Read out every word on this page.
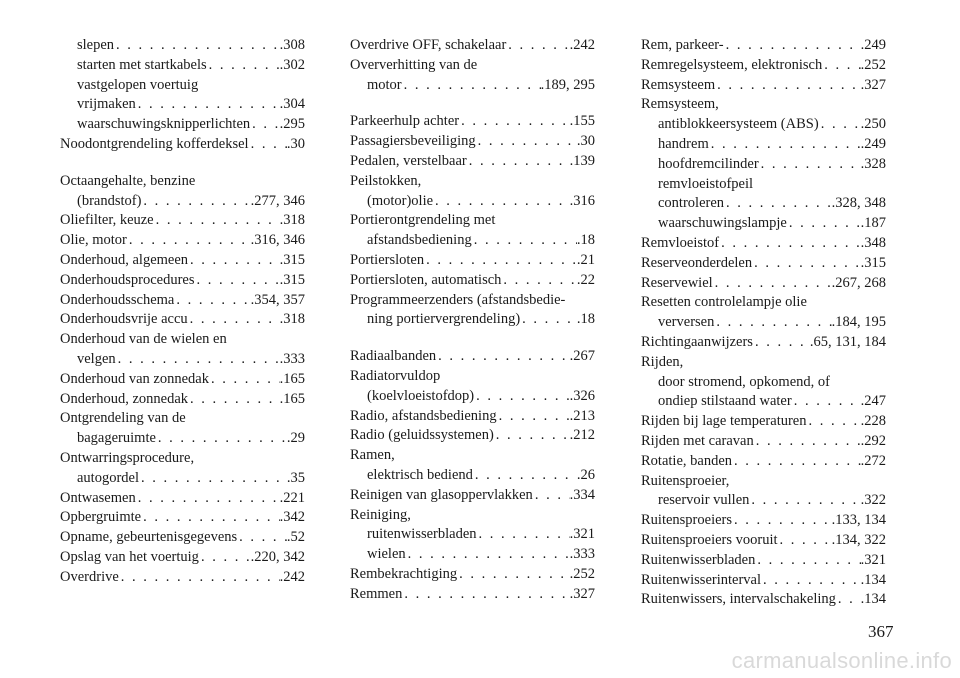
slepen . . .	.308
starten met startkabels . . .	.302
vastgelopen voertuig
vrijmaken . . .	.304
waarschuwingsknipperlichten . . . .295
Noodontgrendeling kofferdeksel . . .	.30
Octaangehalte, benzine
(brandstof) . . .	.277, 346
Oliefilter, keuze . . .	.318
Olie, motor . . .	.316, 346
Onderhoud, algemeen . . .	.315
Onderhoudsprocedures . . .	.315
Onderhoudsschema . . .	.354, 357
Onderhoudsvrije accu . . .	.318
Onderhoud van de wielen en
velgen . . .	.333
Onderhoud van zonnedak . . .	.165
Onderhoud, zonnedak . . .	.165
Ontgrendeling van de
bagageruimte . . .	.29
Ontwarringsprocedure,
autogordel . . .	.35
Ontwasemen . . .	.221
Opbergruimte . . .	.342
Opname, gebeurtenisgegevens . . .	.52
Opslag van het voertuig . . .	.220, 342
Overdrive . . .	.242
Overdrive OFF, schakelaar . . .	.242
Oververhitting van de
motor . . .	.189, 295
Parkeerhulp achter . . .	.155
Passagiersbeveiliging . . .	.30
Pedalen, verstelbaar . . .	.139
Peilstokken,
(motor)olie . . .	.316
Portierontgrendeling met
afstandsbediening . . .	.18
Portiersloten . . .	.21
Portiersloten, automatisch . . .	.22
Programmeerzenders (afstandsbedie-
ning portiervergrendeling) . . .	.18
Radiaalbanden . . .	.267
Radiatorvuldop
(koelvloeistofdop) . . .	.326
Radio, afstandsbediening . . .	.213
Radio (geluidssystemen) . . .	.212
Ramen,
elektrisch bediend . . .	.26
Reinigen van glasoppervlakken . . .	.334
Reiniging,
ruitenwisserbladen . . .	.321
wielen . . .	.333
Rembekrachtiging . . .	.252
Remmen . . .	.327
Rem, parkeer- . . .	.249
Remregelsysteem, elektronisch . . .	.252
Remsysteem . . .	.327
Remsysteem,
antiblokkeersysteem (ABS) . . .	.250
handrem . . .	.249
hoofdremcilinder . . .	.328
remvloeistofpeil
controleren . . .	.328, 348
waarschuwingslampje . . .	.187
Remvloeistof . . .	.348
Reserveonderdelen . . .	.315
Reservewiel . . .	.267, 268
Resetten controlelampje olie
verversen . . .	.184, 195
Richtingaanwijzers . . .	.65, 131, 184
Rijden,
door stromend, opkomend, of
ondiep stilstaand water . . .	.247
Rijden bij lage temperaturen . . .	.228
Rijden met caravan . . .	.292
Rotatie, banden . . .	.272
Ruitensproeier,
reservoir vullen . . .	.322
Ruitensproeiers . . .	.133, 134
Ruitensproeiers vooruit . . .	.134, 322
Ruitenwisserbladen . . .	.321
Ruitenwisserinterval . . .	.134
Ruitenwissers, intervalschakeling . . . .134
367
carmanualsonline.info
